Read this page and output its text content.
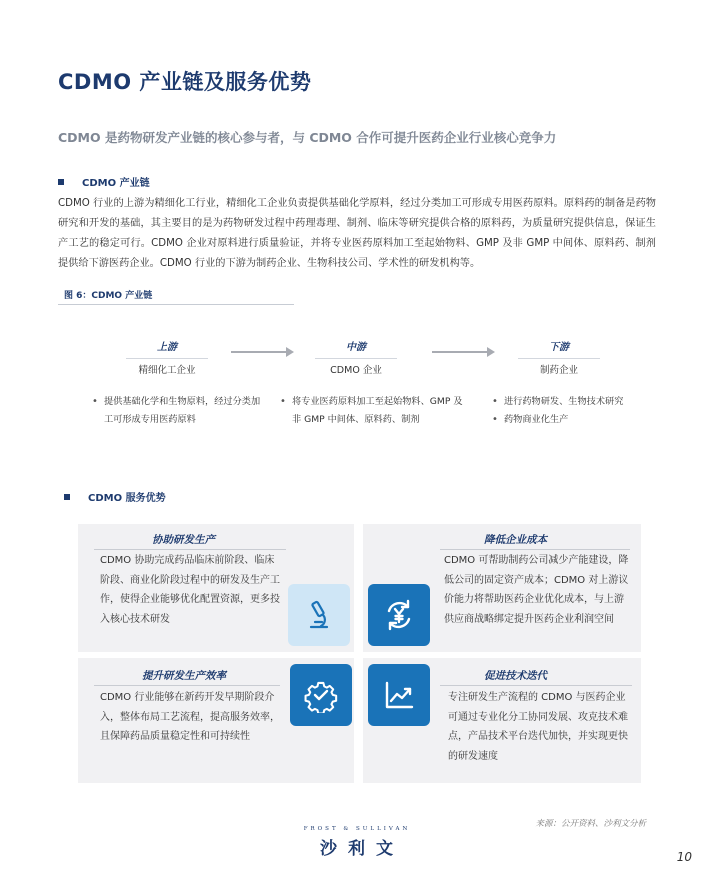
CDMO 产业链及服务优势
CDMO 是药物研发产业链的核心参与者，与 CDMO 合作可提升医药企业行业核心竞争力
CDMO 产业链
CDMO 行业的上游为精细化工行业，精细化工企业负责提供基础化学原料，经过分类加工可形成专用医药原料。原料药的制备是药物研究和开发的基础，其主要目的是为药物研发过程中药理毒理、制剂、临床等研究提供合格的原料药，为质量研究提供信息，保证生产工艺的稳定可行。CDMO 企业对原料进行质量验证，并将专业医药原料加工至起始物料、GMP 及非 GMP 中间体、原料药、制剂提供给下游医药企业。CDMO 行业的下游为制药企业、生物科技公司、学术性的研发机构等。
图 6：CDMO 产业链
上游
精细化工企业
中游
CDMO 企业
下游
制药企业
• 提供基础化学和生物原料，经过分类加工可形成专用医药原料
• 将专业医药原料加工至起始物料、GMP 及非 GMP 中间体、原料药、制剂
• 进行药物研发、生物技术研究
• 药物商业化生产
CDMO 服务优势
协助研发生产
CDMO 协助完成药品临床前阶段、临床阶段、商业化阶段过程中的研发及生产工作，使得企业能够优化配置资源，更多投入核心技术研发
降低企业成本
CDMO 可帮助制药公司减少产能建设，降低公司的固定资产成本；CDMO 对上游议价能力将帮助医药企业优化成本，与上游供应商战略绑定提升医药企业利润空间
提升研发生产效率
CDMO 行业能够在新药开发早期阶段介入，整体布局工艺流程，提高服务效率，且保障药品质量稳定性和可持续性
促进技术迭代
专注研发生产流程的 CDMO 与医药企业可通过专业化分工协同发展、攻克技术难点，产品技术平台迭代加快，并实现更快的研发速度
来源：公开资料、沙利文分析
FROST & SULLIVAN
沙利文	10
